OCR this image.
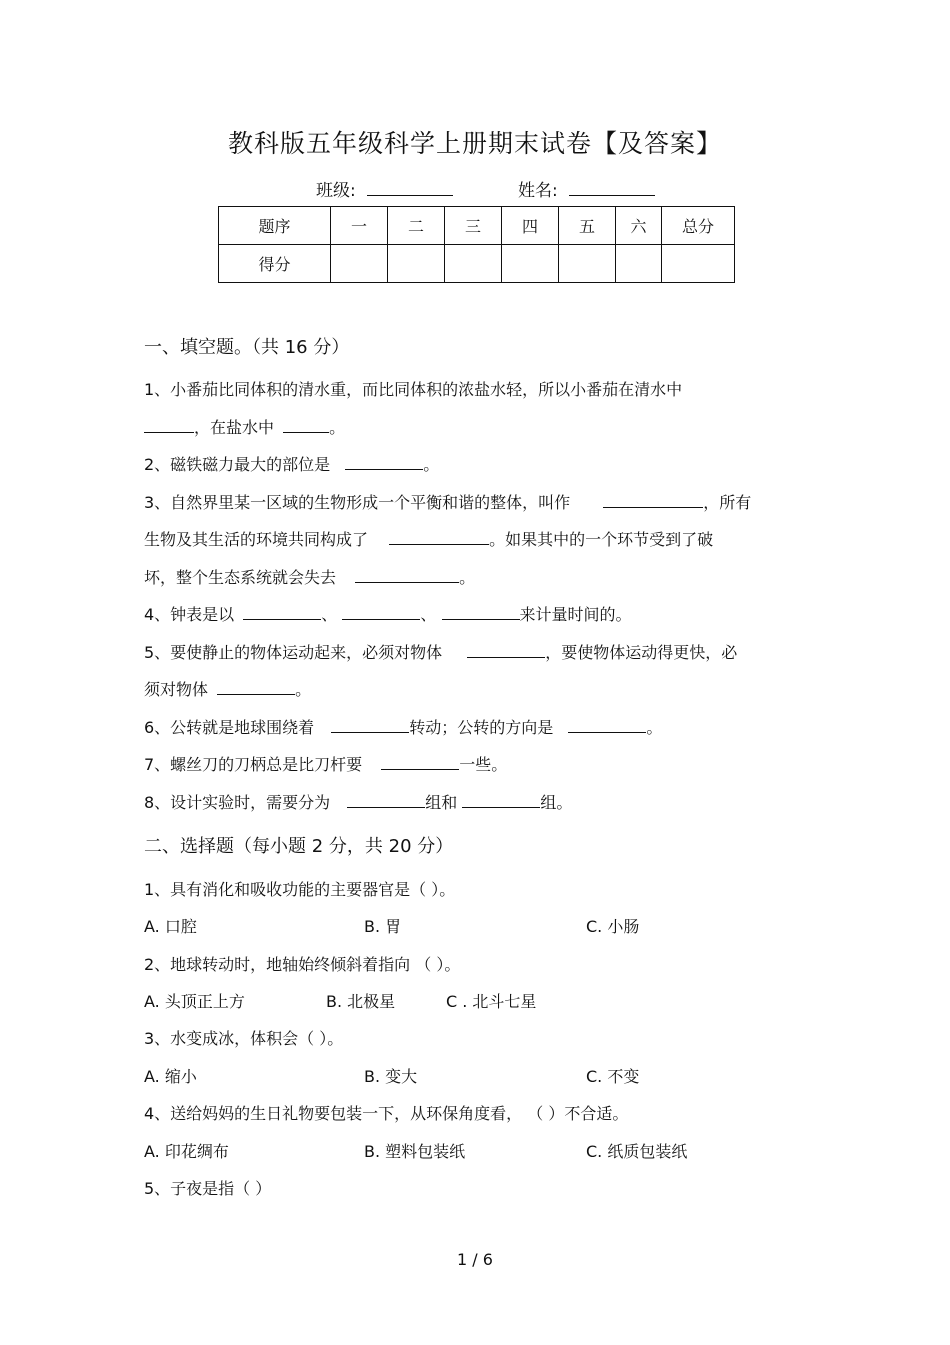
教科版五年级科学上册期末试卷【及答案】
班级:	姓名:
题序	一	二	三	四	五	六	总分
得分							
一、填空题。（共 16 分）
1、小番茄比同体积的清水重，而比同体积的浓盐水轻，所以小番茄在清水中
，在盐水中	。
2、磁铁磁力最大的部位是	。
3、自然界里某一区域的生物形成一个平衡和谐的整体，叫作	，所有
生物及其生活的环境共同构成了	。如果其中的一个环节受到了破
坏，整个生态系统就会失去	。
4、钟表是以	、	、	来计量时间的。
5、要使静止的物体运动起来，必须对物体	，要使物体运动得更快，必
须对物体	。
6、公转就是地球围绕着	转动；公转的方向是	。
7、螺丝刀的刀柄总是比刀杆要	一些。
8、设计实验时，需要分为	组和	组。
二、选择题（每小题 2 分，共 20 分）
1、具有消化和吸收功能的主要器官是（ ）。
A. 口腔	B. 胃	C. 小肠
2、地球转动时，地轴始终倾斜着指向 （ ）。
A. 头顶正上方	B. 北极星	C . 北斗七星
3、水变成冰，体积会（ ）。
A. 缩小	B. 变大	C. 不变
4、送给妈妈的生日礼物要包装一下，从环保角度看， （ ）不合适。
A. 印花绸布	B. 塑料包装纸	C. 纸质包装纸
5、子夜是指（ ）
1 / 6
